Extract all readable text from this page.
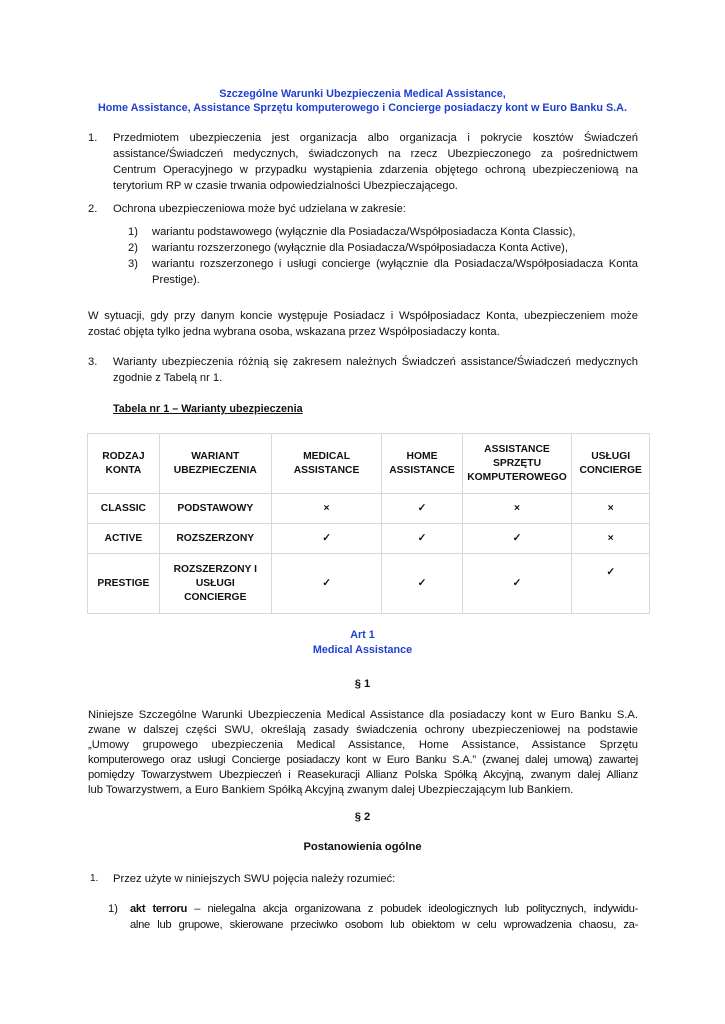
Szczególne Warunki Ubezpieczenia Medical Assistance,
Home Assistance, Assistance Sprzętu komputerowego i Concierge posiadaczy kont w Euro Banku S.A.
1. Przedmiotem ubezpieczenia jest organizacja albo organizacja i pokrycie kosztów Świadczeń
assistance/Świadczeń medycznych, świadczonych na rzecz Ubezpieczonego za pośrednictwem
Centrum Operacyjnego w przypadku wystąpienia zdarzenia objętego ochroną ubezpieczeniową na
terytorium RP w czasie trwania odpowiedzialności Ubezpieczającego.
2. Ochrona ubezpieczeniowa może być udzielana w zakresie:
1) wariantu podstawowego (wyłącznie dla Posiadacza/Współposiadacza Konta Classic),
2) wariantu rozszerzonego (wyłącznie dla Posiadacza/Współposiadacza Konta Active),
3) wariantu rozszerzonego i usługi concierge (wyłącznie dla Posiadacza/Współposiadacza Konta
Prestige).
W sytuacji, gdy przy danym koncie występuje Posiadacz i Współposiadacz Konta, ubezpieczeniem może
zostać objęta tylko jedna wybrana osoba, wskazana przez Współposiadaczy konta.
3. Warianty ubezpieczenia różnią się zakresem należnych Świadczeń assistance/Świadczeń medycznych
zgodnie z Tabelą nr 1.
Tabela nr 1 – Warianty ubezpieczenia
RODZAJ KONTA	WARIANT UBEZPIECZENIA	MEDICAL ASSISTANCE	HOME ASSISTANCE	ASSISTANCE SPRZĘTU KOMPUTEROWEGO	USŁUGI CONCIERGE
CLASSIC	PODSTAWOWY	×	✓	×	×
ACTIVE	ROZSZERZONY	✓	✓	✓	×
PRESTIGE	ROZSZERZONY I USŁUGI CONCIERGE	✓	✓	✓	✓
Art 1
Medical Assistance
§ 1
Niniejsze Szczególne Warunki Ubezpieczenia Medical Assistance dla posiadaczy kont w Euro Banku S.A.
zwane w dalszej części SWU, określają zasady świadczenia ochrony ubezpieczeniowej na podstawie
„Umowy grupowego ubezpieczenia Medical Assistance, Home Assistance, Assistance Sprzętu
komputerowego oraz usługi Concierge posiadaczy kont w Euro Banku S.A.” (zwanej dalej umową) zawartej
pomiędzy Towarzystwem Ubezpieczeń i Reasekuracji Allianz Polska Spółką Akcyjną, zwanym dalej Allianz
lub Towarzystwem, a Euro Bankiem Spółką Akcyjną zwanym dalej Ubezpieczającym lub Bankiem.
§ 2
Postanowienia ogólne
1. Przez użyte w niniejszych SWU pojęcia należy rozumieć:
1) akt terroru – nielegalna akcja organizowana z pobudek ideologicznych lub politycznych, indywidu-
alne lub grupowe, skierowane przeciwko osobom lub obiektom w celu wprowadzenia chaosu, za-
